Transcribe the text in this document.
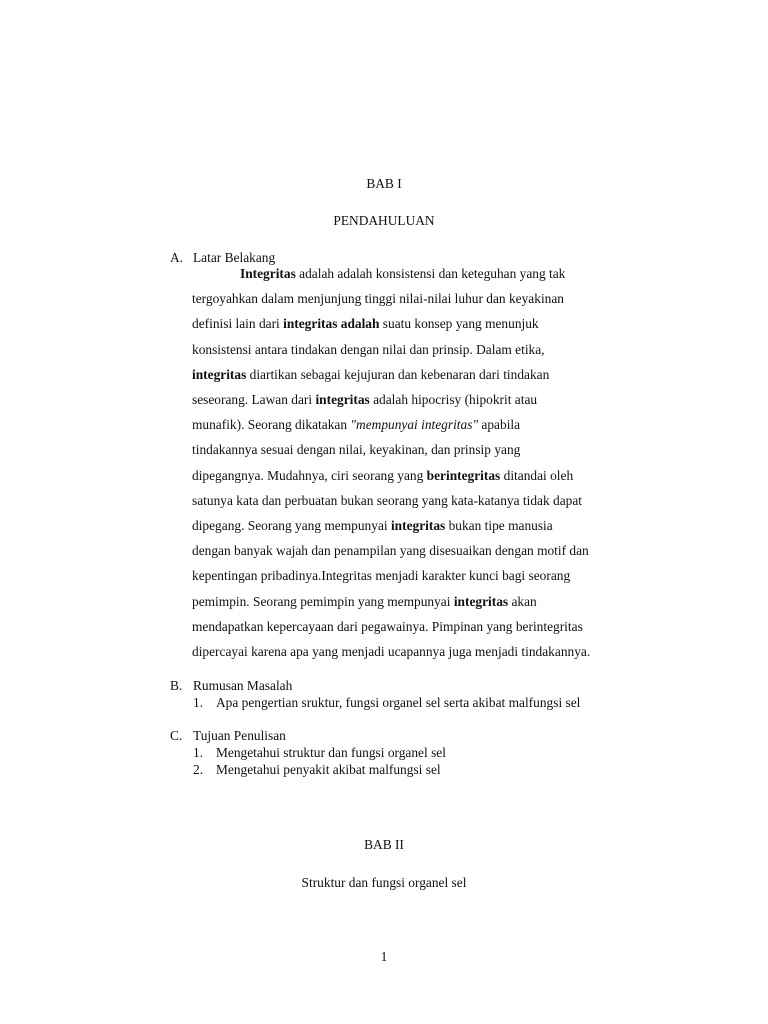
BAB I
PENDAHULUAN
A. Latar Belakang
Integritas adalah adalah konsistensi dan keteguhan yang tak
tergoyahkan dalam menjunjung tinggi nilai-nilai luhur dan keyakinan
definisi lain dari integritas adalah suatu konsep yang menunjuk
konsistensi antara tindakan dengan nilai dan prinsip. Dalam etika,
integritas diartikan sebagai kejujuran dan kebenaran dari tindakan
seseorang. Lawan dari integritas adalah hipocrisy (hipokrit atau
munafik). Seorang dikatakan "mempunyai integritas" apabila
tindakannya sesuai dengan nilai, keyakinan, dan prinsip yang
dipegangnya. Mudahnya, ciri seorang yang berintegritas ditandai oleh
satunya kata dan perbuatan bukan seorang yang kata-katanya tidak dapat
dipegang. Seorang yang mempunyai integritas bukan tipe manusia
dengan banyak wajah dan penampilan yang disesuaikan dengan motif dan
kepentingan pribadinya.Integritas menjadi karakter kunci bagi seorang
pemimpin. Seorang pemimpin yang mempunyai integritas akan
mendapatkan kepercayaan dari pegawainya. Pimpinan yang berintegritas
dipercayai karena apa yang menjadi ucapannya juga menjadi tindakannya.
B. Rumusan Masalah
1. Apa pengertian sruktur, fungsi organel sel serta akibat malfungsi sel
C. Tujuan Penulisan
1. Mengetahui struktur dan fungsi organel sel
2. Mengetahui penyakit akibat malfungsi sel
BAB II
Struktur dan fungsi organel sel
1
